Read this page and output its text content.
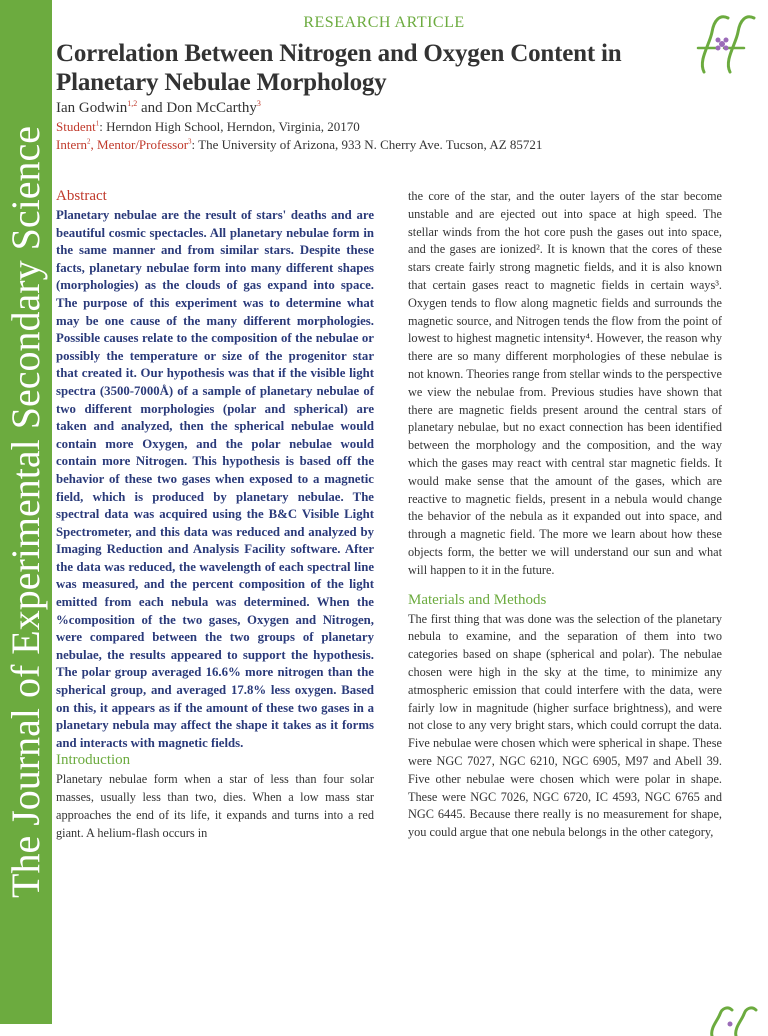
The Journal of Experimental Secondary Science
RESEARCH ARTICLE
Correlation Between Nitrogen and Oxygen Content in Planetary Nebulae Morphology
Ian Godwin$^{1,2}$ and Don McCarthy$^3$
Student$^1$: Herndon High School, Herndon, Virginia, 20170
Intern$^2$, Mentor/Professor$^3$: The University of Arizona, 933 N. Cherry Ave. Tucson, AZ 85721
Abstract

Planetary nebulae are the result of stars' deaths and are beautiful cosmic spectacles. All planetary nebulae form in the same manner and from similar stars. Despite these facts, planetary nebulae form into many different shapes (morphologies) as the clouds of gas expand into space. The purpose of this experiment was to determine what may be one cause of the many different morphologies. Possible causes relate to the composition of the nebulae or possibly the temperature or size of the progenitor star that created it. Our hypothesis was that if the visible light spectra (3500-7000Å) of a sample of planetary nebulae of two different morphologies (polar and spherical) are taken and analyzed, then the spherical nebulae would contain more Oxygen, and the polar nebulae would contain more Nitrogen. This hypothesis is based off the behavior of these two gases when exposed to a magnetic field, which is produced by planetary nebulae. The spectral data was acquired using the B&C Visible Light Spectrometer, and this data was reduced and analyzed by Imaging Reduction and Analysis Facility software. After the data was reduced, the wavelength of each spectral line was measured, and the percent composition of the light emitted from each nebula was determined. When the %composition of the two gases, Oxygen and Nitrogen, were compared between the two groups of planetary nebulae, the results appeared to support the hypothesis. The polar group averaged 16.6% more nitrogen than the spherical group, and averaged 17.8% less oxygen. Based on this, it appears as if the amount of these two gases in a planetary nebula may affect the shape it takes as it forms and interacts with magnetic fields.

Introduction

Planetary nebulae form when a star of less than four solar masses, usually less than two, dies. When a low mass star approaches the end of its life, it expands and turns into a red giant. A helium-flash occurs in

the core of the star, and the outer layers of the star become unstable and are ejected out into space at high speed. The stellar winds from the hot core push the gases out into space, and the gases are ionized². It is known that the cores of these stars create fairly strong magnetic fields, and it is also known that certain gases react to magnetic fields in certain ways³. Oxygen tends to flow along magnetic fields and surrounds the magnetic source, and Nitrogen tends the flow from the point of lowest to highest magnetic intensity⁴. However, the reason why there are so many different morphologies of these nebulae is not known. Theories range from stellar winds to the perspective we view the nebulae from. Previous studies have shown that there are magnetic fields present around the central stars of planetary nebulae, but no exact connection has been identified between the morphology and the composition, and the way which the gases may react with central star magnetic fields. It would make sense that the amount of the gases, which are reactive to magnetic fields, present in a nebula would change the behavior of the nebula as it expanded out into space, and through a magnetic field. The more we learn about how these objects form, the better we will understand our sun and what will happen to it in the future.

Materials and Methods

The first thing that was done was the selection of the planetary nebula to examine, and the separation of them into two categories based on shape (spherical and polar). The nebulae chosen were high in the sky at the time, to minimize any atmospheric emission that could interfere with the data, were fairly low in magnitude (higher surface brightness), and were not close to any very bright stars, which could corrupt the data. Five nebulae were chosen which were spherical in shape. These were NGC 7027, NGC 6210, NGC 6905, M97 and Abell 39. Five other nebulae were chosen which were polar in shape. These were NGC 7026, NGC 6720, IC 4593, NGC 6765 and NGC 6445. Because there really is no measurement for shape, you could argue that one nebula belongs in the other category,
